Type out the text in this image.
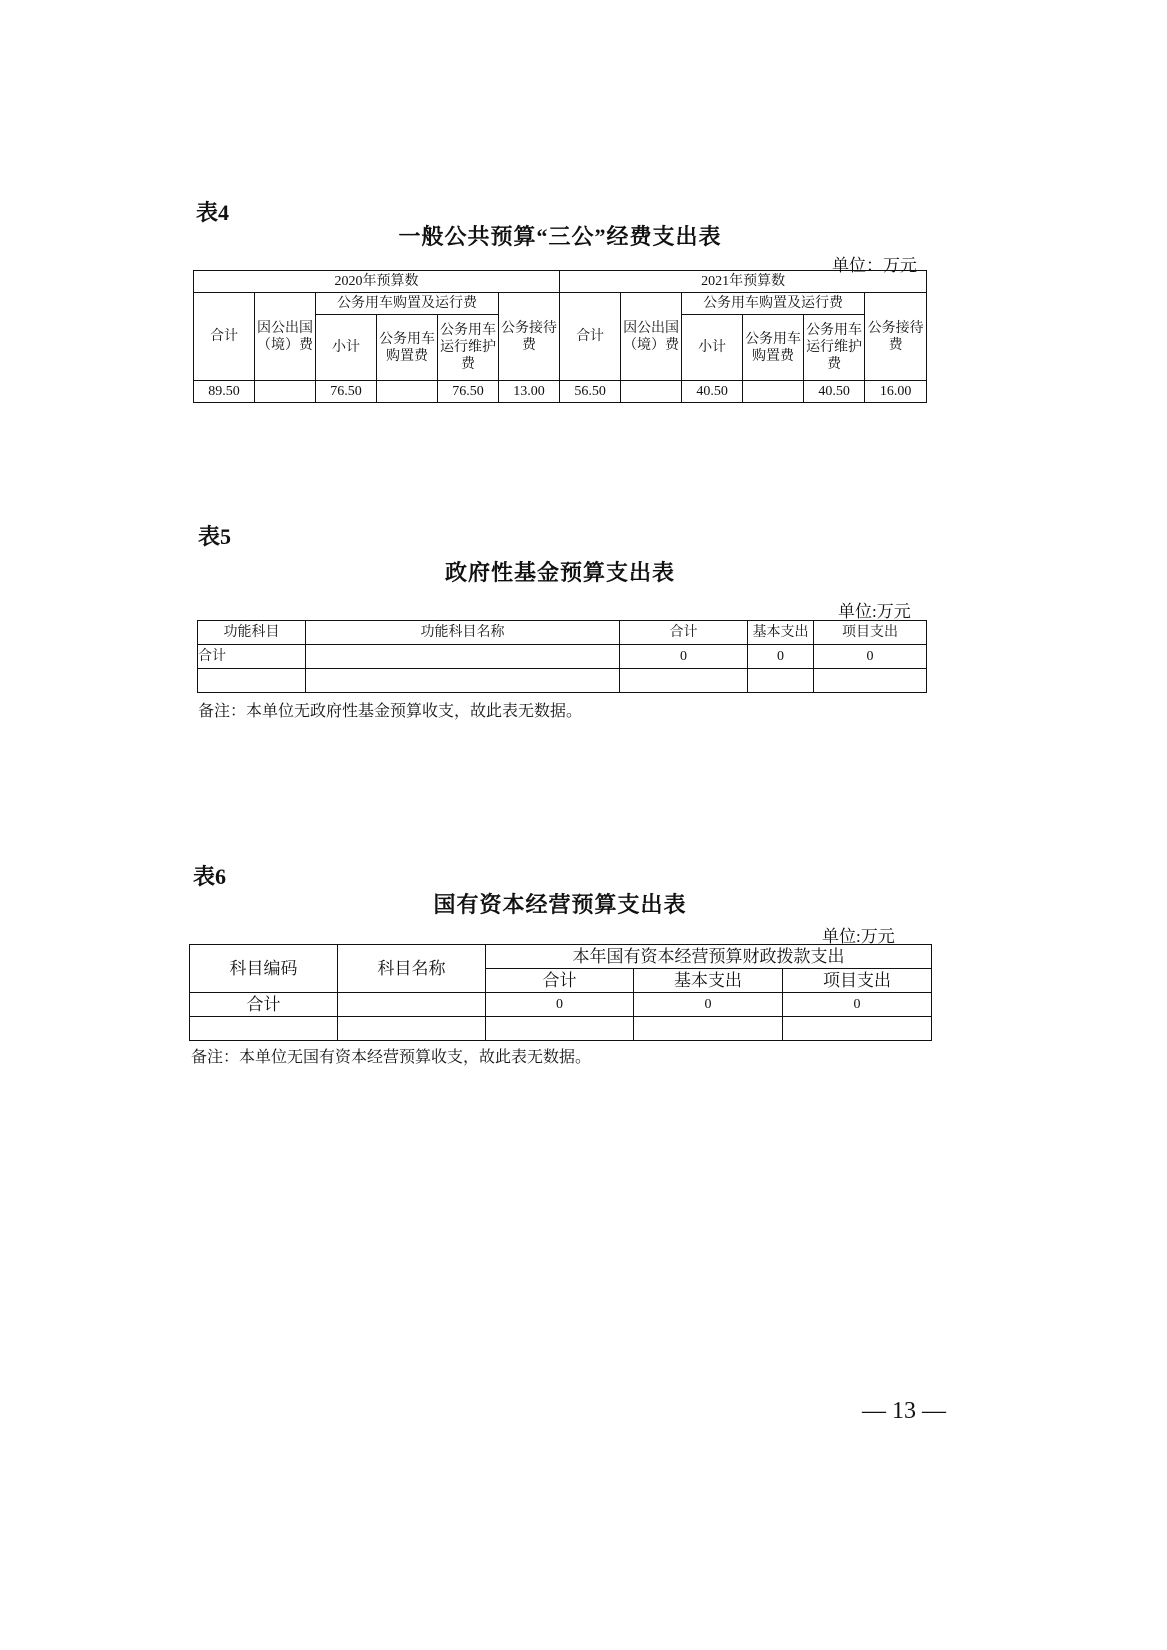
表4
一般公共预算“三公”经费支出表
单位：万元
2020年预算数						2021年预算数					
合计	因公出国（境）费	公务用车购置及运行费			公务接待费	合计	因公出国（境）费	公务用车购置及运行费			公务接待费
		小计	公务用车购置费	公务用车运行维护费				小计	公务用车购置费	公务用车运行维护费	
89.50		76.50		76.50	13.00	56.50		40.50		40.50	16.00
表5
政府性基金预算支出表
单位:万元
功能科目	功能科目名称	合计	基本支出	项目支出
合计		0	0	0

备注：本单位无政府性基金预算收支，故此表无数据。
表6
国有资本经营预算支出表
单位:万元
科目编码	科目名称	本年国有资本经营预算财政拨款支出		
		合计	基本支出	项目支出
合计		0	0	0

备注：本单位无国有资本经营预算收支，故此表无数据。
— 13 —
